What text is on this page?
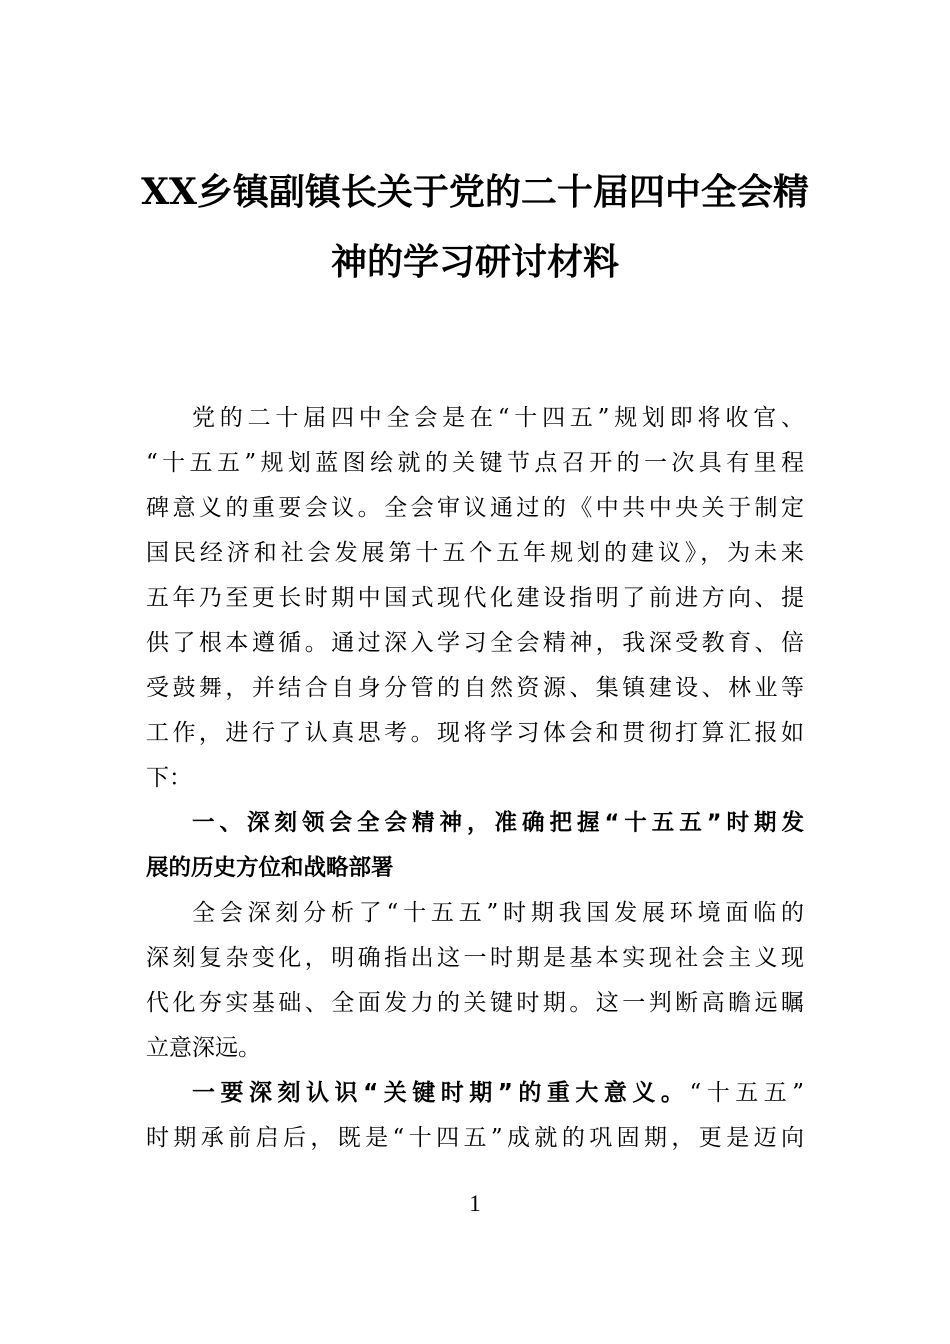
XX乡镇副镇长关于党的二十届四中全会精
神的学习研讨材料

党的二十届四中全会是在“十四五”规划即将收官、

“十五五”规划蓝图绘就的关键节点召开的一次具有里程

碑意义的重要会议。全会审议通过的《中共中央关于制定

国民经济和社会发展第十五个五年规划的建议》，为未来

五年乃至更长时期中国式现代化建设指明了前进方向、提

供了根本遵循。通过深入学习全会精神，我深受教育、倍

受鼓舞，并结合自身分管的自然资源、集镇建设、林业等

工作，进行了认真思考。现将学习体会和贯彻打算汇报如

下：

一、深刻领会全会精神，准确把握“十五五”时期发

展的历史方位和战略部署

全会深刻分析了“十五五”时期我国发展环境面临的

深刻复杂变化，明确指出这一时期是基本实现社会主义现

代化夯实基础、全面发力的关键时期。这一判断高瞻远瞩

立意深远。

一要深刻认识“关键时期”的重大意义。“十五五”

时期承前启后，既是“十四五”成就的巩固期，更是迈向

1
